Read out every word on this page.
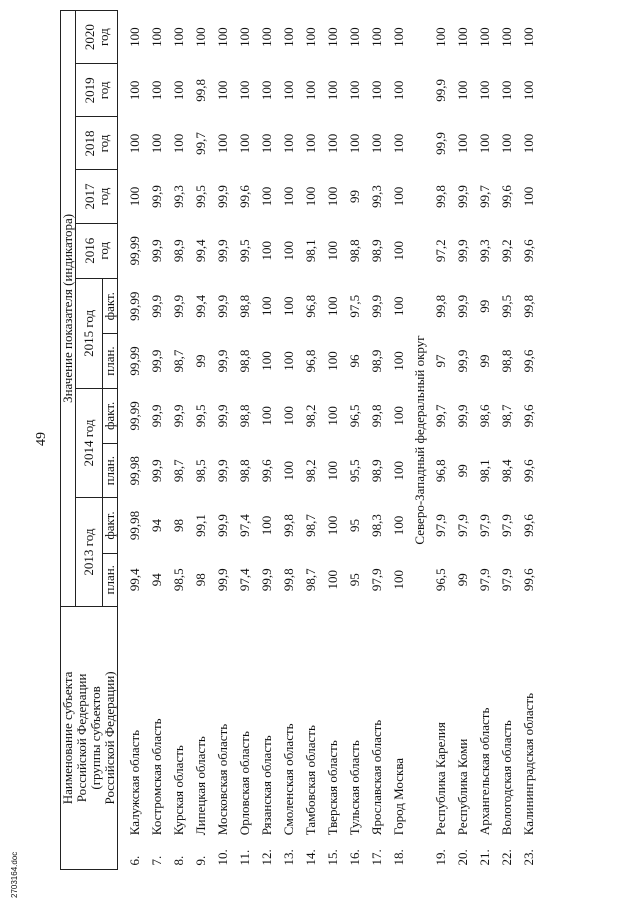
49
2703164.doc
Наименование субъекта Российской Федерации (группы субъектов Российской Федерации)		Значение показателя (индикатора)										
		2013 год		2014 год		2015 год		2016 год	2017 год	2018 год	2019 год	2020 год

		план.	факт.	план.	факт.	план.	факт.					
6.	Калужская область	99,4	99,98	99,98	99,99	99,99	99,99	99,99	100	100	100	100
7.	Костромская область	94	94	99,9	99,9	99,9	99,9	99,9	99,9	100	100	100
8.	Курская область	98,5	98	98,7	99,9	98,7	99,9	98,9	99,3	100	100	100
9.	Липецкая область	98	99,1	98,5	99,5	99	99,4	99,4	99,5	99,7	99,8	100
10.	Московская область	99,9	99,9	99,9	99,9	99,9	99,9	99,9	99,9	100	100	100
11.	Орловская область	97,4	97,4	98,8	98,8	98,8	98,8	99,5	99,6	100	100	100
12.	Рязанская область	99,9	100	99,6	100	100	100	100	100	100	100	100
13.	Смоленская область	99,8	99,8	100	100	100	100	100	100	100	100	100
14.	Тамбовская область	98,7	98,7	98,2	98,2	96,8	96,8	98,1	100	100	100	100
15.	Тверская область	100	100	100	100	100	100	100	100	100	100	100
16.	Тульская область	95	95	95,5	96,5	96	97,5	98,8	99	100	100	100
17.	Ярославская область	97,9	98,3	98,9	99,8	98,9	99,9	98,9	99,3	100	100	100
18.	Город Москва	100	100	100	100	100	100	100	100	100	100	100
Северо-Западный федеральный округ												
19.	Республика Карелия	96,5	97,9	96,8	99,7	97	99,8	97,2	99,8	99,9	99,9	100
20.	Республика Коми	99	97,9	99	99,9	99,9	99,9	99,9	99,9	100	100	100
21.	Архангельская область	97,9	97,9	98,1	98,6	99	99	99,3	99,7	100	100	100
22.	Вологодская область	97,9	97,9	98,4	98,7	98,8	99,5	99,2	99,6	100	100	100
23.	Калининградская область	99,6	99,6	99,6	99,6	99,6	99,8	99,6	100	100	100	100
